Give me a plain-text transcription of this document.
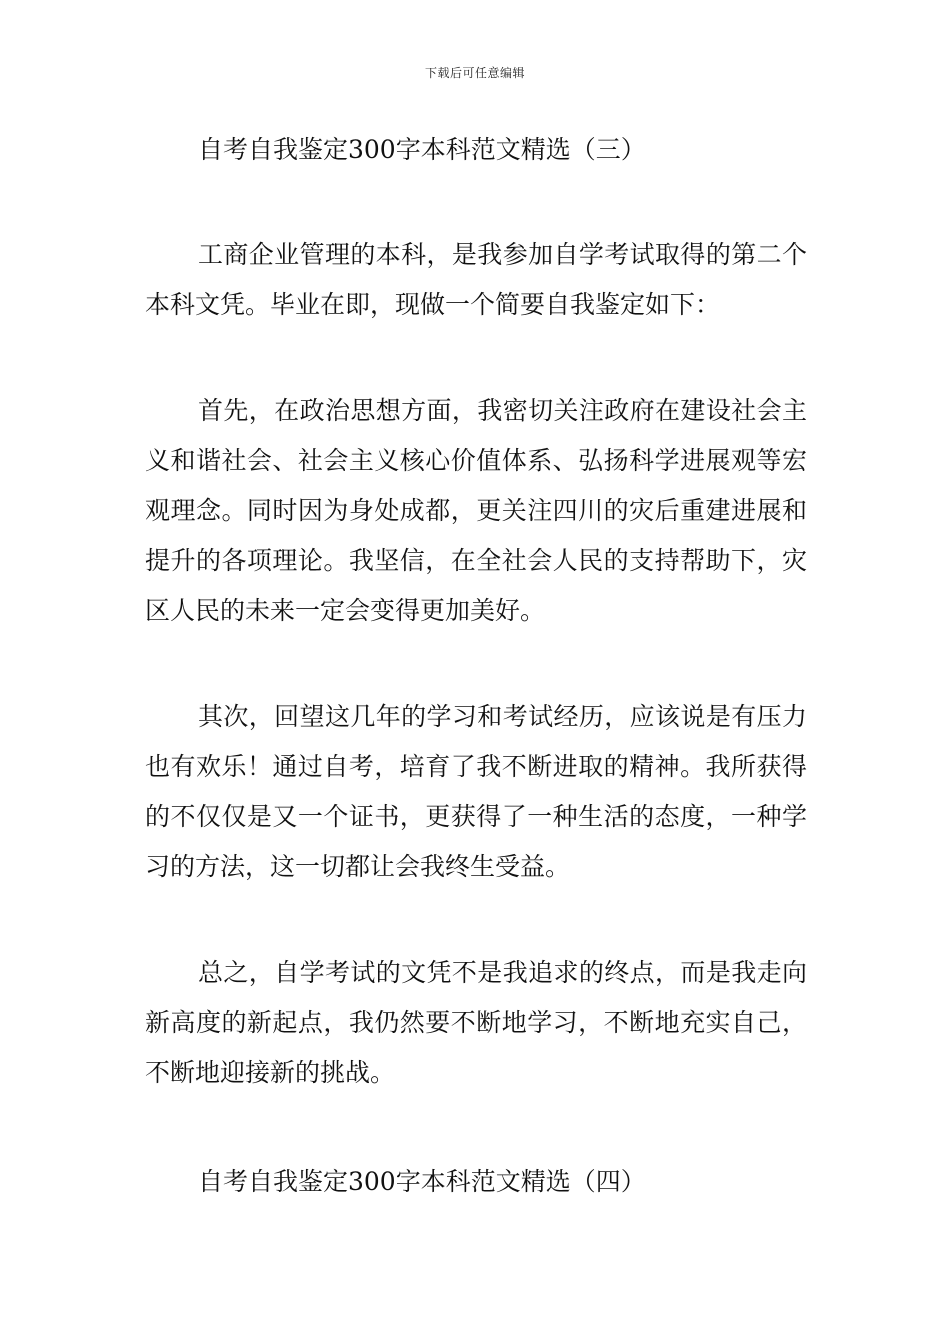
下载后可任意编辑
自考自我鉴定300字本科范文精选（三）

工商企业管理的本科，是我参加自学考试取得的第二个本科文凭。毕业在即，现做一个简要自我鉴定如下：

首先，在政治思想方面，我密切关注政府在建设社会主义和谐社会、社会主义核心价值体系、弘扬科学进展观等宏观理念。同时因为身处成都，更关注四川的灾后重建进展和提升的各项理论。我坚信，在全社会人民的支持帮助下，灾区人民的未来一定会变得更加美好。

其次，回望这几年的学习和考试经历，应该说是有压力也有欢乐！通过自考，培育了我不断进取的精神。我所获得的不仅仅是又一个证书，更获得了一种生活的态度，一种学习的方法，这一切都让会我终生受益。

总之，自学考试的文凭不是我追求的终点，而是我走向新高度的新起点，我仍然要不断地学习，不断地充实自己，不断地迎接新的挑战。

自考自我鉴定300字本科范文精选（四）
